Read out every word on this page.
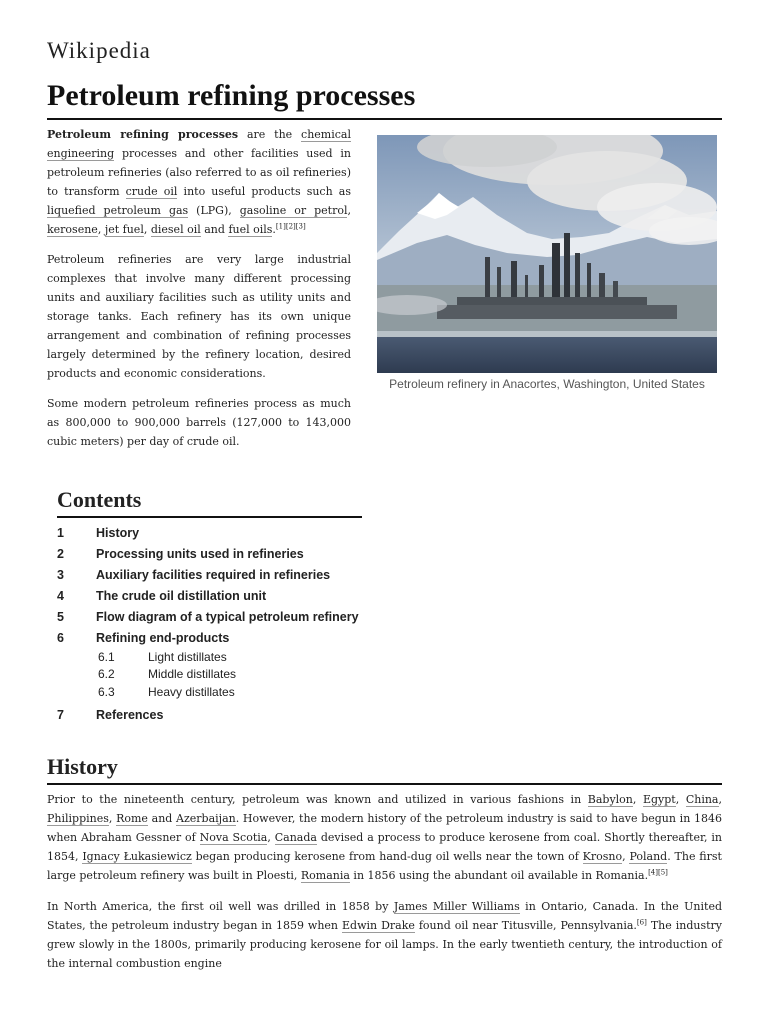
Wikipedia
Petroleum refining processes

Petroleum refining processes are the chemical engineering processes and other facilities used in petroleum refineries (also referred to as oil refineries) to transform crude oil into useful products such as liquefied petroleum gas (LPG), gasoline or petrol, kerosene, jet fuel, diesel oil and fuel oils.[1][2][3]

Petroleum refineries are very large industrial complexes that involve many different processing units and auxiliary facilities such as utility units and storage tanks. Each refinery has its own unique arrangement and combination of refining processes largely determined by the refinery location, desired products and economic considerations.

Some modern petroleum refineries process as much as 800,000 to 900,000 barrels (127,000 to 143,000 cubic meters) per day of crude oil.

Petroleum refinery in Anacortes, Washington, United States
Contents
1	History
2	Processing units used in refineries
3	Auxiliary facilities required in refineries
4	The crude oil distillation unit
5	Flow diagram of a typical petroleum refinery
6	Refining end-products
6.1	Light distillates
6.2	Middle distillates
6.3	Heavy distillates
7	References
History

Prior to the nineteenth century, petroleum was known and utilized in various fashions in Babylon, Egypt, China, Philippines, Rome and Azerbaijan. However, the modern history of the petroleum industry is said to have begun in 1846 when Abraham Gessner of Nova Scotia, Canada devised a process to produce kerosene from coal. Shortly thereafter, in 1854, Ignacy Łukasiewicz began producing kerosene from hand-dug oil wells near the town of Krosno, Poland. The first large petroleum refinery was built in Ploesti, Romania in 1856 using the abundant oil available in Romania.[4][5]

In North America, the first oil well was drilled in 1858 by James Miller Williams in Ontario, Canada. In the United States, the petroleum industry began in 1859 when Edwin Drake found oil near Titusville, Pennsylvania.[6] The industry grew slowly in the 1800s, primarily producing kerosene for oil lamps. In the early twentieth century, the introduction of the internal combustion engine
